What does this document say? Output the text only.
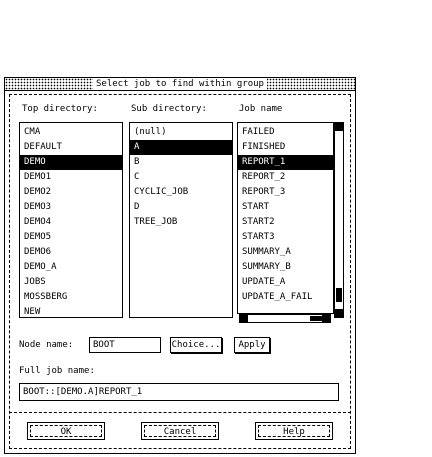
Select job to find within group
Top directory:	Sub directory:	Job name
CMA
DEFAULT
DEMO
DEMO1
DEMO2
DEMO3
DEMO4
DEMO5
DEMO6
DEMO_A
JOBS
MOSSBERG
NEW
(null)
A
B
C
CYCLIC_JOB
D
TREE_JOB
FAILED
FINISHED
REPORT_1
REPORT_2
REPORT_3
START
START2
START3
SUMMARY_A
SUMMARY_B
UPDATE_A
UPDATE_A_FAIL
Node name:	BOOT	Choice...	Apply
Full job name:
BOOT::[DEMO.A]REPORT_1
OK	Cancel	Help
